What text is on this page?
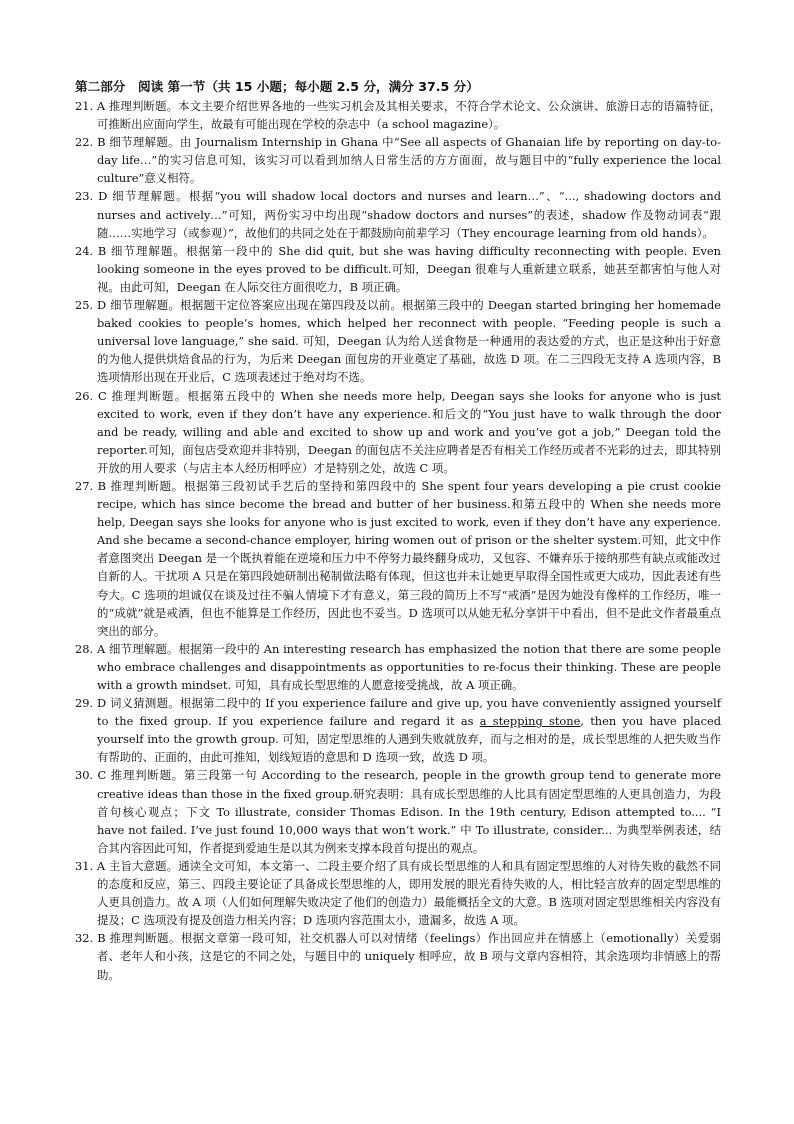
第二部分　阅读 第一节（共 15 小题；每小题 2.5 分，满分 37.5 分）

21. A 推理判断题。本文主要介绍世界各地的一些实习机会及其相关要求，不符合学术论文、公众演讲、旅游日志的语篇特征，可推断出应面向学生，故最有可能出现在学校的杂志中（a school magazine）。

22. B 细节理解题。由 Journalism Internship in Ghana 中“See all aspects of Ghanaian life by reporting on day-to-day life…”的实习信息可知，该实习可以看到加纳人日常生活的方方面面，故与题目中的“fully experience the local culture”意义相符。

23. D 细节理解题。根据“you will shadow local doctors and nurses and learn…”、“..., shadowing doctors and nurses and actively…”可知，两份实习中均出现“shadow doctors and nurses”的表述，shadow 作及物动词表“跟随……实地学习（或参观）”，故他们的共同之处在于都鼓励向前辈学习（They encourage learning from old hands）。

24. B 细节理解题。根据第一段中的 She did quit, but she was having difficulty reconnecting with people. Even looking someone in the eyes proved to be difficult.可知，Deegan 很难与人重新建立联系，她甚至都害怕与他人对视。由此可知，Deegan 在人际交往方面很吃力，B 项正确。

25. D 细节理解题。根据题干定位答案应出现在第四段及以前。根据第三段中的 Deegan started bringing her homemade baked cookies to people’s homes, which helped her reconnect with people. “Feeding people is such a universal love language,” she said. 可知，Deegan 认为给人送食物是一种通用的表达爱的方式，也正是这种出于好意的为他人提供烘焙食品的行为，为后来 Deegan 面包房的开业奠定了基础，故选 D 项。在二三四段无支持 A 选项内容，B 选项情形出现在开业后，C 选项表述过于绝对均不选。

26. C 推理判断题。根据第五段中的 When she needs more help, Deegan says she looks for anyone who is just excited to work, even if they don’t have any experience.和后文的“You just have to walk through the door and be ready, willing and able and excited to show up and work and you’ve got a job,” Deegan told the reporter.可知，面包店受欢迎并非特别，Deegan 的面包店不关注应聘者是否有相关工作经历或者不光彩的过去，即其特别开放的用人要求（与店主本人经历相呼应）才是特别之处，故选 C 项。

27. B 推理判断题。根据第三段初试手艺后的坚持和第四段中的 She spent four years developing a pie crust cookie recipe, which has since become the bread and butter of her business.和第五段中的 When she needs more help, Deegan says she looks for anyone who is just excited to work, even if they don’t have any experience. And she became a second-chance employer, hiring women out of prison or the shelter system.可知，此文中作者意图突出 Deegan 是一个既执着能在逆境和压力中不停努力最终翻身成功，又包容、不嫌弃乐于接纳那些有缺点或能改过自新的人。干扰项 A 只是在第四段她研制出秘制做法略有体现，但这也并未让她更早取得全国性或更大成功，因此表述有些夸大。C 选项的坦诚仅在谈及过往不骗人情境下才有意义，第三段的简历上不写“戒酒”是因为她没有像样的工作经历，唯一的“成就”就是戒酒，但也不能算是工作经历，因此也不妥当。D 选项可以从她无私分享饼干中看出，但不是此文作者最重点突出的部分。

28. A 细节理解题。根据第一段中的 An interesting research has emphasized the notion that there are some people who embrace challenges and disappointments as opportunities to re-focus their thinking. These are people with a growth mindset. 可知，具有成长型思维的人愿意接受挑战，故 A 项正确。

29. D 词义猜测题。根据第二段中的 If you experience failure and give up, you have conveniently assigned yourself to the fixed group. If you experience failure and regard it as a stepping stone, then you have placed yourself into the growth group. 可知，固定型思维的人遇到失败就放弃，而与之相对的是，成长型思维的人把失败当作有帮助的、正面的，由此可推知，划线短语的意思和 D 选项一致，故选 D 项。

30. C 推理判断题。第三段第一句 According to the research, people in the growth group tend to generate more creative ideas than those in the fixed group.研究表明：具有成长型思维的人比具有固定型思维的人更具创造力，为段首句核心观点；下文 To illustrate, consider Thomas Edison. In the 19th century, Edison attempted to.... “I have not failed. I’ve just found 10,000 ways that won’t work.” 中 To illustrate, consider... 为典型举例表述，结合其内容因此可知，作者提到爱迪生是以其为例来支撑本段首句提出的观点。

31. A 主旨大意题。通读全文可知，本文第一、二段主要介绍了具有成长型思维的人和具有固定型思维的人对待失败的截然不同的态度和反应，第三、四段主要论证了具备成长型思维的人，即用发展的眼光看待失败的人，相比轻言放弃的固定型思维的人更具创造力。故 A 项（人们如何理解失败决定了他们的创造力）最能概括全文的大意。B 选项对固定型思维相关内容没有提及；C 选项没有提及创造力相关内容；D 选项内容范围太小，遗漏多，故选 A 项。

32. B 推理判断题。根据文章第一段可知，社交机器人可以对情绪（feelings）作出回应并在情感上（emotionally）关爱弱者、老年人和小孩，这是它的不同之处，与题目中的 uniquely 相呼应，故 B 项与文章内容相符，其余选项均非情感上的帮助。
